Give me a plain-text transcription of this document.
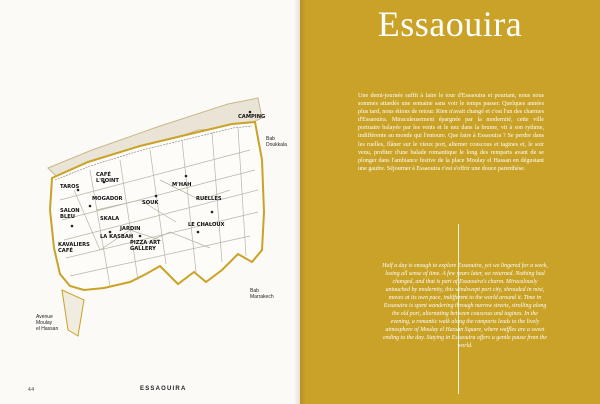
CAMPING
Bab Doukkala
TAROS
CAFÉ L'POINT
MOGADOR
SALON BLEU	SKALA
LA KASBAH
KAVALIERS CAFÉ
M'HAH
SOUK
RUELLES
JARDIN
PIZZA ART GALLERY
LE CHALOUX
Bab Marrakech
Avenue Moulay el Hassan
44	ESSAOUIRA
Essaouira
Une demi-journée suffit à faire le tour d'Essaouira et pourtant, nous nous sommes attardés une semaine sans voir le temps passer. Quelques années plus tard, nous étions de retour. Rien n'avait changé et c'est l'un des charmes d'Essaouira. Miraculeusement épargnée par la modernité, cette ville portuaire balayée par les vents et le nez dans la brume, vit à son rythme, indifférente au monde qui l'entoure. Que faire à Essaouira ? Se perdre dans les ruelles, flâner sur le vieux port, alterner couscous et tagines et, le soir venu, profiter d'une balade romantique le long des remparts avant de se plonger dans l'ambiance festive de la place Moulay el Hassan en dégustant une gaufre. Séjourner à Essaouira c'est s'offrir une douce parenthèse.
Half a day is enough to explore Essaouira, yet we lingered for a week, losing all sense of time. A few years later, we returned. Nothing had changed, and that is part of Essaouira's charm. Miraculously untouched by modernity, this windswept port city, shrouded in mist, moves at its own pace, indifferent to the world around it. Time in Essaouira is spent wandering through narrow streets, strolling along the old port, alternating between couscous and tagines. In the evening, a romantic walk along the ramparts leads to the lively atmosphere of Moulay el Hassan Square, where waffles are a sweet ending to the day. Staying in Essaouira offers a gentle pause from the world.
